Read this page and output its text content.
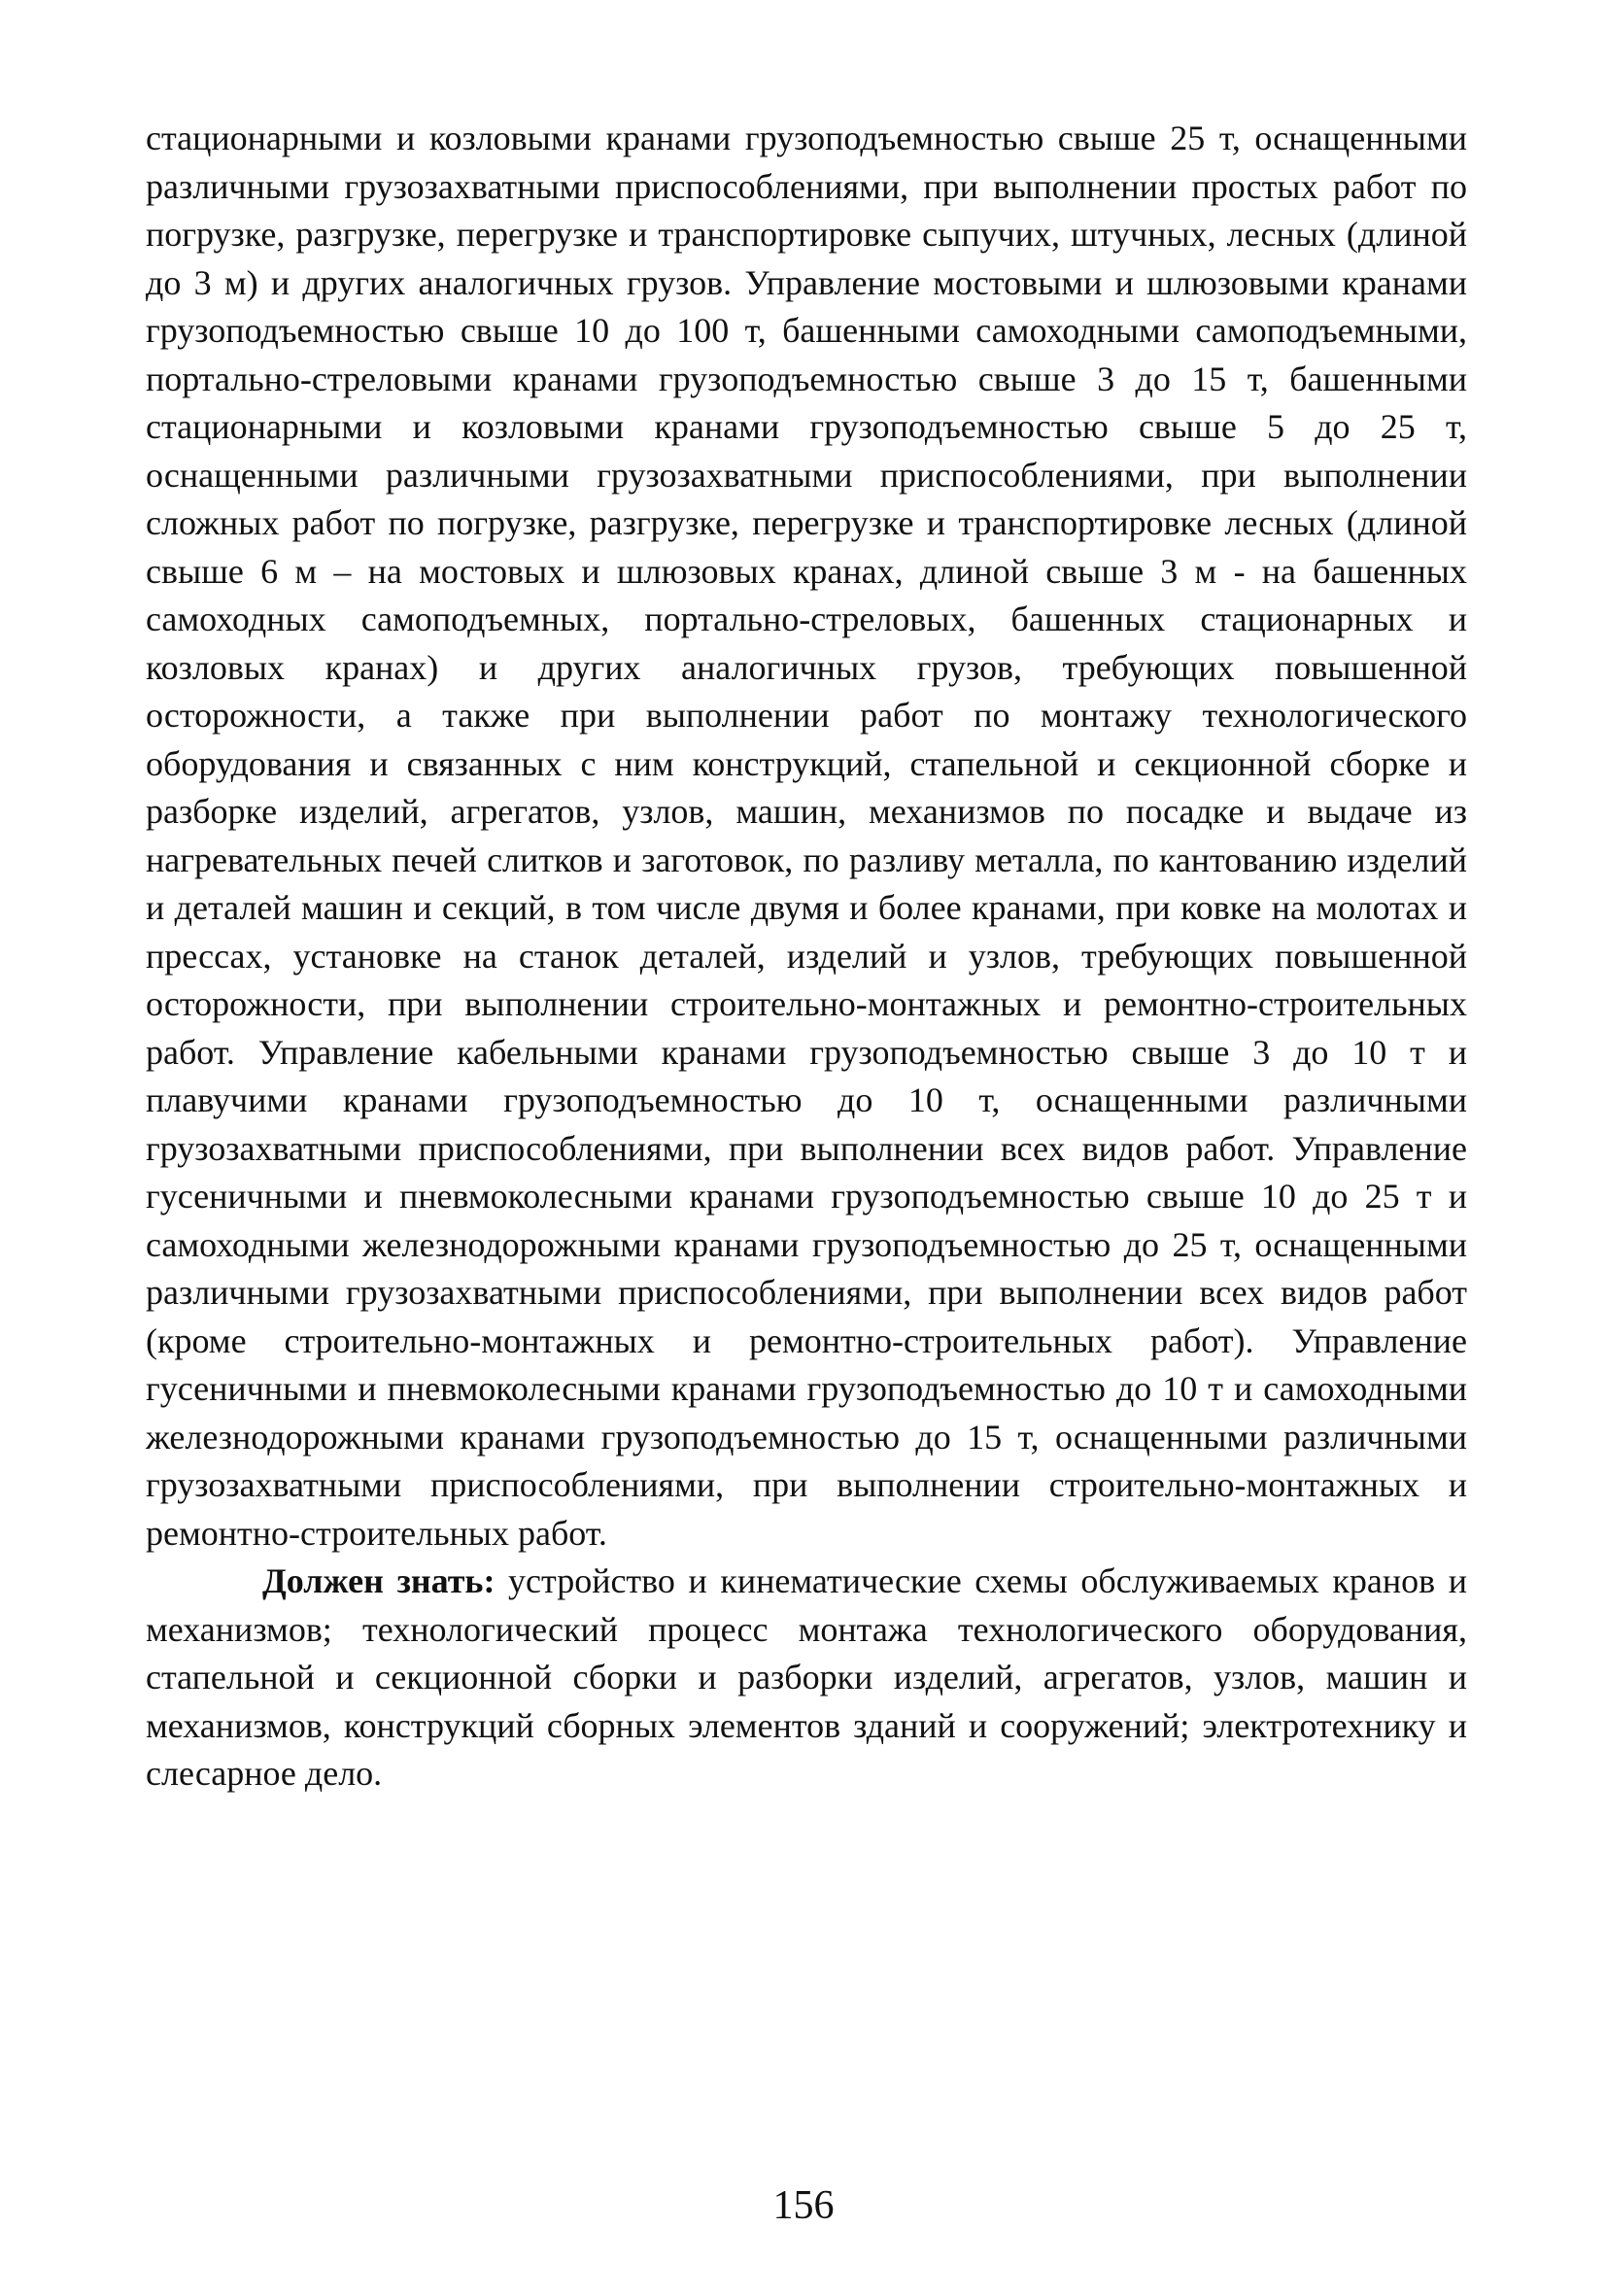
стационарными и козловыми кранами грузоподъемностью свыше 25 т, оснащенными различными грузозахватными приспособлениями, при выполнении простых работ по погрузке, разгрузке, перегрузке и транспортировке сыпучих, штучных, лесных (длиной до 3 м) и других аналогичных грузов. Управление мостовыми и шлюзовыми кранами грузоподъемностью свыше 10 до 100 т, башенными самоходными самоподъемными, портально-стреловыми кранами грузоподъемностью свыше 3 до 15 т, башенными стационарными и козловыми кранами грузоподъемностью свыше 5 до 25 т, оснащенными различными грузозахватными приспособлениями, при выполнении сложных работ по погрузке, разгрузке, перегрузке и транспортировке лесных (длиной свыше 6 м – на мостовых и шлюзовых кранах, длиной свыше 3 м - на башенных самоходных самоподъемных, портально-стреловых, башенных стационарных и козловых кранах) и других аналогичных грузов, требующих повышенной осторожности, а также при выполнении работ по монтажу технологического оборудования и связанных с ним конструкций, стапельной и секционной сборке и разборке изделий, агрегатов, узлов, машин, механизмов по посадке и выдаче из нагревательных печей слитков и заготовок, по разливу металла, по кантованию изделий и деталей машин и секций, в том числе двумя и более кранами, при ковке на молотах и прессах, установке на станок деталей, изделий и узлов, требующих повышенной осторожности, при выполнении строительно-монтажных и ремонтно-строительных работ. Управление кабельными кранами грузоподъемностью свыше 3 до 10 т и плавучими кранами грузоподъемностью до 10 т, оснащенными различными грузозахватными приспособлениями, при выполнении всех видов работ. Управление гусеничными и пневмоколесными кранами грузоподъемностью свыше 10 до 25 т и самоходными железнодорожными кранами грузоподъемностью до 25 т, оснащенными различными грузозахватными приспособлениями, при выполнении всех видов работ (кроме строительно-монтажных и ремонтно-строительных работ). Управление гусеничными и пневмоколесными кранами грузоподъемностью до 10 т и самоходными железнодорожными кранами грузоподъемностью до 15 т, оснащенными различными грузозахватными приспособлениями, при выполнении строительно-монтажных и ремонтно-строительных работ.

Должен знать: устройство и кинематические схемы обслуживаемых кранов и механизмов; технологический процесс монтажа технологического оборудования, стапельной и секционной сборки и разборки изделий, агрегатов, узлов, машин и механизмов, конструкций сборных элементов зданий и сооружений; электротехнику и слесарное дело.

156
